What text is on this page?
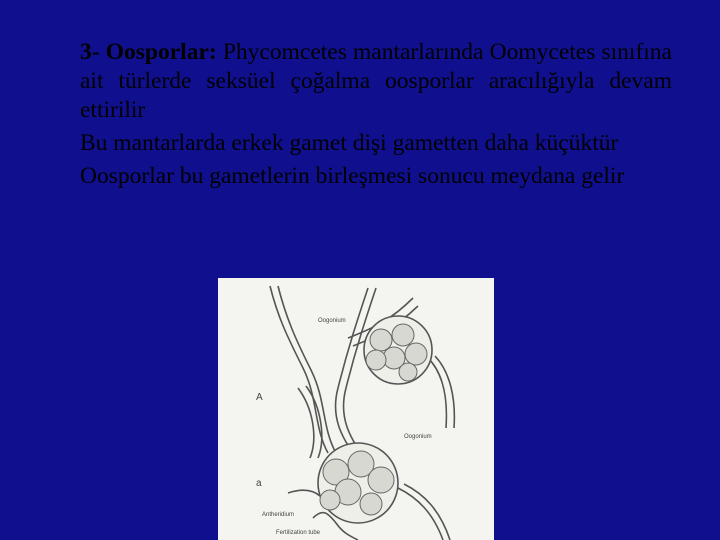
3- Oosporlar: Phycomcetes mantarlarında Oomycetes sınıfına ait türlerde seksüel çoğalma oosporlar aracılığıyla devam ettirilir

Bu mantarlarda erkek gamet dişi gametten daha küçüktür

Oosporlar bu gametlerin birleşmesi sonucu meydana gelir

Oogonium
A
Oogonium
a
Antheridium
Fertilization tube
